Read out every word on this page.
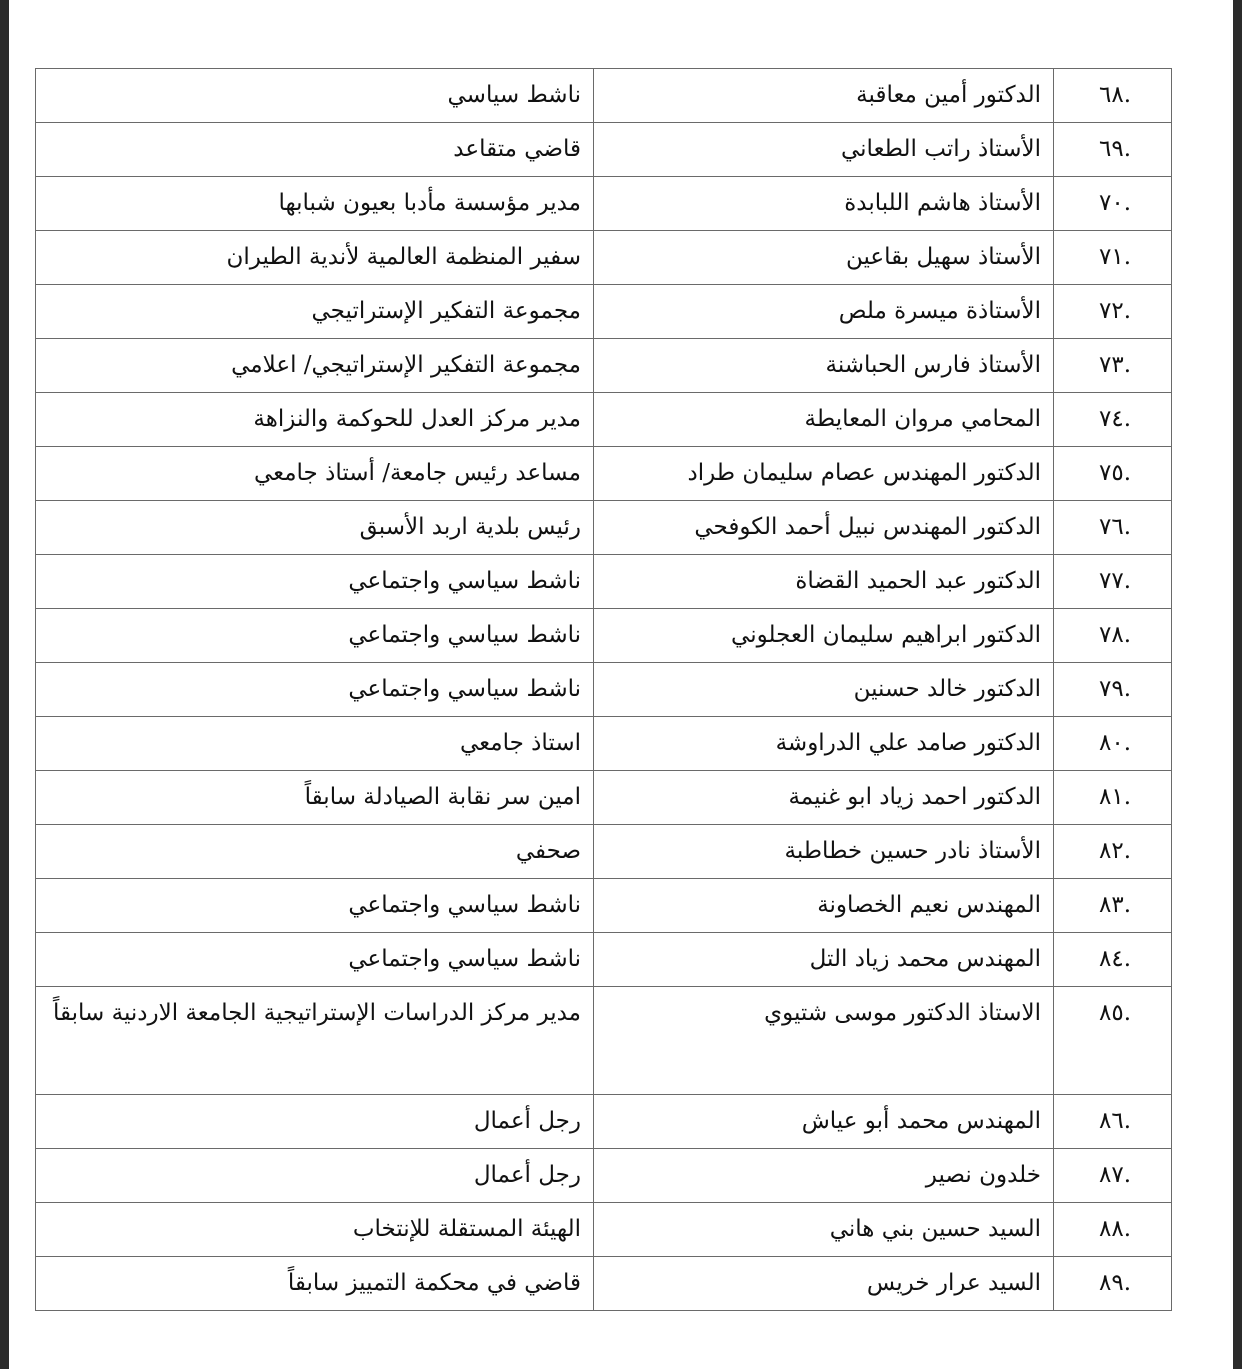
.٦٨	الدكتور أمين معاقبة	ناشط سياسي
.٦٩	الأستاذ راتب الطعاني	قاضي متقاعد
.٧٠	الأستاذ هاشم اللبابدة	مدير مؤسسة مأدبا بعيون شبابها
.٧١	الأستاذ سهيل بقاعين	سفير المنظمة العالمية لأندية الطيران
.٧٢	الأستاذة ميسرة ملص	مجموعة التفكير الإستراتيجي
.٧٣	الأستاذ فارس الحباشنة	مجموعة التفكير الإستراتيجي/ اعلامي
.٧٤	المحامي مروان المعايطة	مدير مركز العدل للحوكمة والنزاهة
.٧٥	الدكتور المهندس عصام سليمان طراد	مساعد رئيس جامعة/ أستاذ جامعي
.٧٦	الدكتور المهندس نبيل أحمد الكوفحي	رئيس بلدية اربد الأسبق
.٧٧	الدكتور عبد الحميد القضاة	ناشط سياسي واجتماعي
.٧٨	الدكتور ابراهيم سليمان العجلوني	ناشط سياسي واجتماعي
.٧٩	الدكتور خالد حسنين	ناشط سياسي واجتماعي
.٨٠	الدكتور صامد علي الدراوشة	استاذ جامعي
.٨١	الدكتور احمد زياد ابو غنيمة	امين سر نقابة الصيادلة سابقاً
.٨٢	الأستاذ نادر حسين خطاطبة	صحفي
.٨٣	المهندس نعيم الخصاونة	ناشط سياسي واجتماعي
.٨٤	المهندس محمد زياد التل	ناشط سياسي واجتماعي
.٨٥	الاستاذ الدكتور موسى شتيوي	مدير مركز الدراسات الإستراتيجية الجامعة الاردنية سابقاً
.٨٦	المهندس محمد أبو عياش	رجل أعمال
.٨٧	خلدون نصير	رجل أعمال
.٨٨	السيد حسين بني هاني	الهيئة المستقلة للإنتخاب
.٨٩	السيد عرار خريس	قاضي في محكمة التمييز سابقاً
